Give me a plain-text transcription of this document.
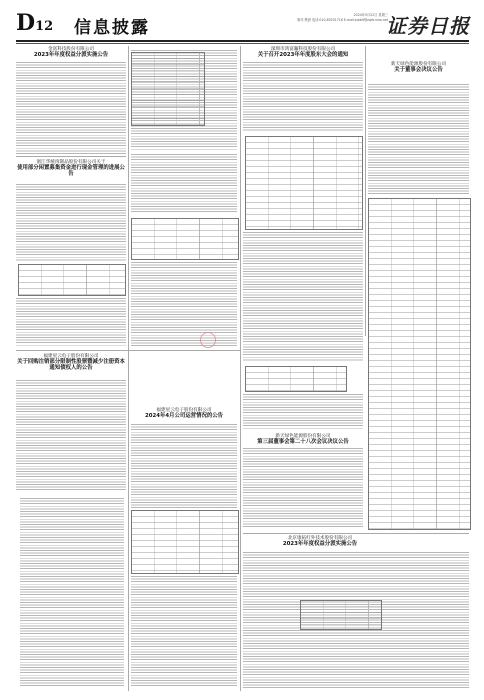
D12 信息披露
2024年5月22日 星期三
制作 樊晨 电话:010-83251716 E-mail:zqrb9@zqrb.sina.net
证券日报
金富科技股份有限公司
2023年年度权益分派实施公告
浙江华统肉制品股份有限公司关于
使用部分闲置募集资金进行现金管理的进展公告
福建星云电子股份有限公司
关于回购注销部分限制性股票暨减少注册资本通知债权人的公告
福建星云电子股份有限公司
2024年4月公司运营情况的公告
深圳市鸿富瀚科技股份有限公司
关于召开2023年年度股东大会的通知
新天绿色能源股份有限公司
第三届董事会第二十八次会议决议公告
新天绿色能源股份有限公司
关于董事会决议公告
北京康拓红外技术股份有限公司
2023年年度权益分派实施公告
